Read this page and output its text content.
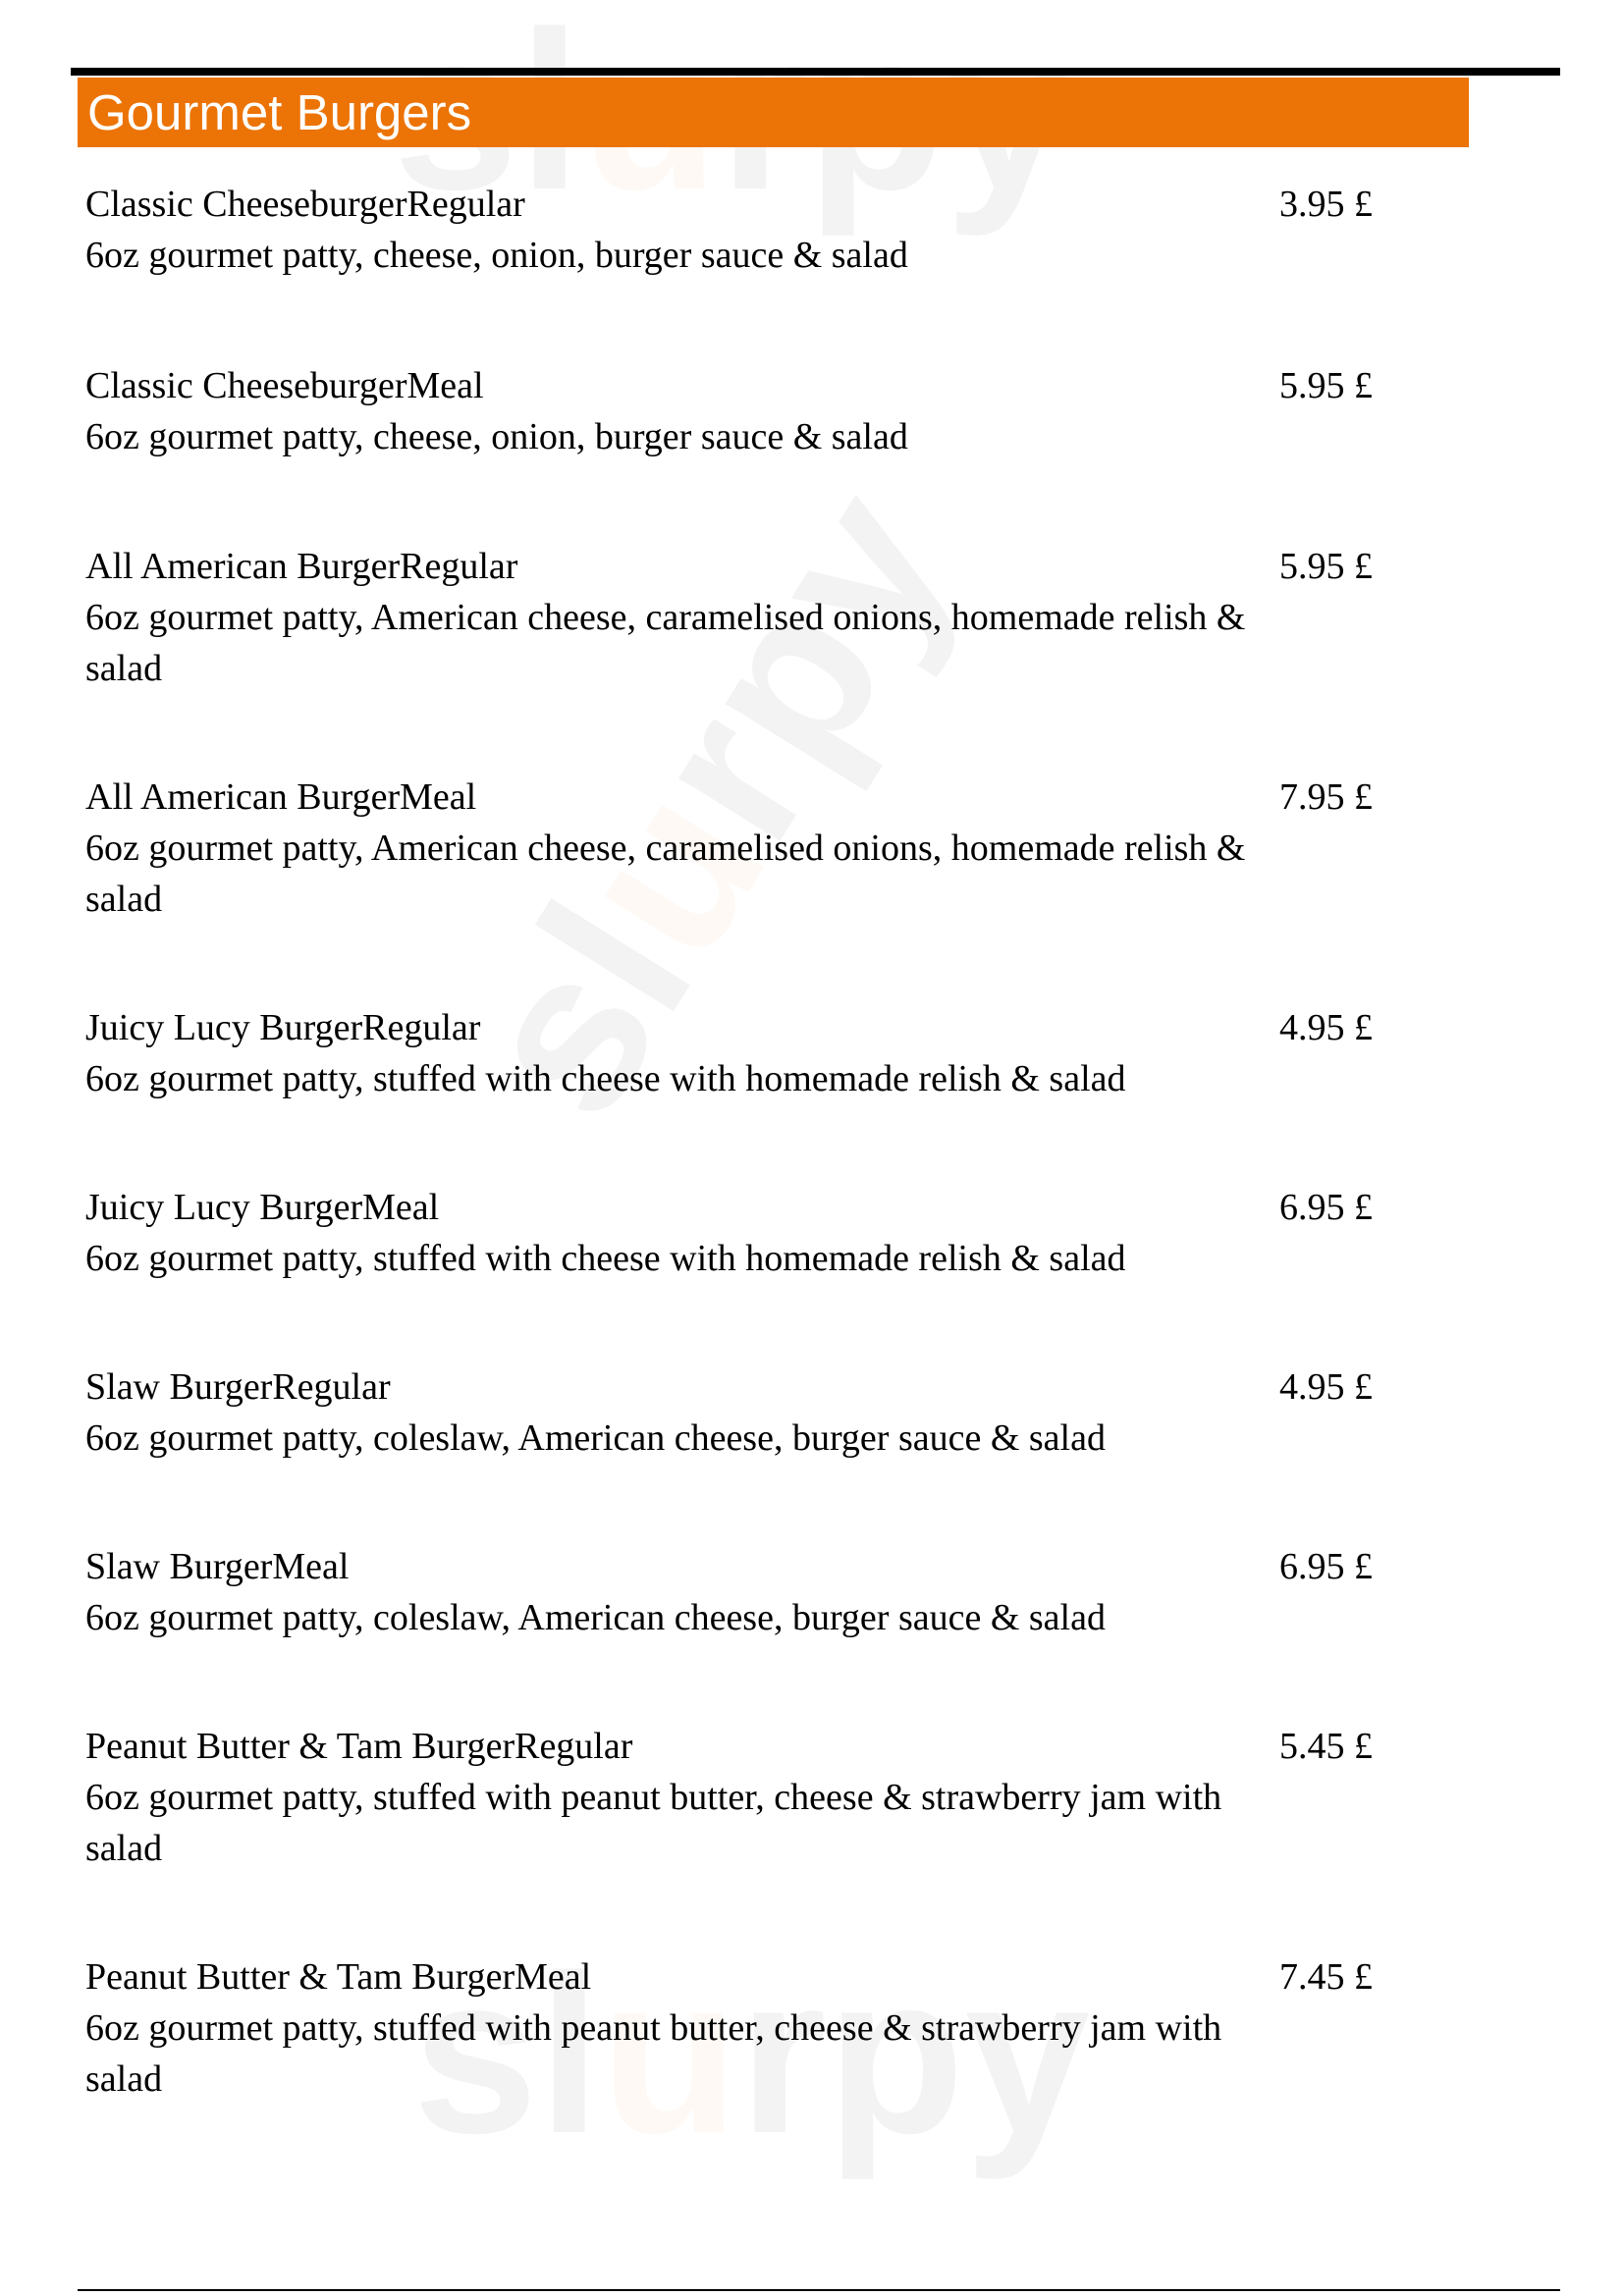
Gourmet Burgers
Classic CheeseburgerRegular
6oz gourmet patty, cheese, onion, burger sauce & salad
3.95 £
Classic CheeseburgerMeal
6oz gourmet patty, cheese, onion, burger sauce & salad
5.95 £
All American BurgerRegular
6oz gourmet patty, American cheese, caramelised onions, homemade relish & salad
5.95 £
All American BurgerMeal
6oz gourmet patty, American cheese, caramelised onions, homemade relish & salad
7.95 £
Juicy Lucy BurgerRegular
6oz gourmet patty, stuffed with cheese with homemade relish & salad
4.95 £
Juicy Lucy BurgerMeal
6oz gourmet patty, stuffed with cheese with homemade relish & salad
6.95 £
Slaw BurgerRegular
6oz gourmet patty, coleslaw, American cheese, burger sauce & salad
4.95 £
Slaw BurgerMeal
6oz gourmet patty, coleslaw, American cheese, burger sauce & salad
6.95 £
Peanut Butter & Tam BurgerRegular
6oz gourmet patty, stuffed with peanut butter, cheese & strawberry jam with salad
5.45 £
Peanut Butter & Tam BurgerMeal
6oz gourmet patty, stuffed with peanut butter, cheese & strawberry jam with salad
7.45 £
